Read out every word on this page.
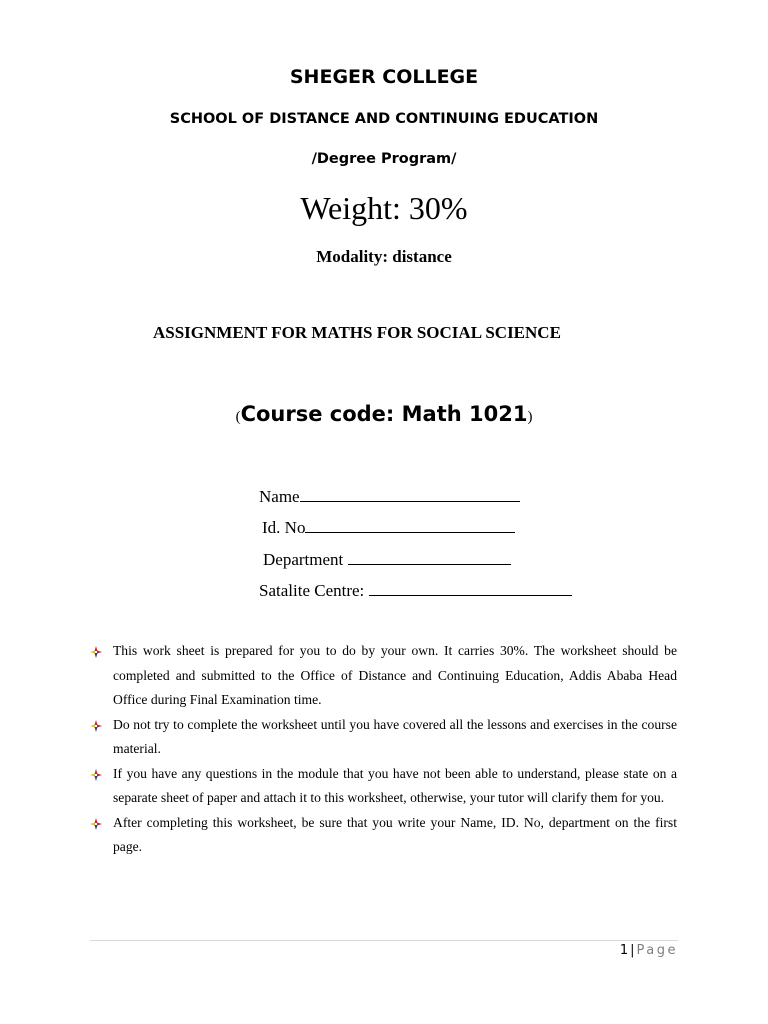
SHEGER COLLEGE
SCHOOL OF DISTANCE AND CONTINUING EDUCATION
/Degree Program/
Weight: 30%
Modality: distance
ASSIGNMENT FOR MATHS FOR SOCIAL SCIENCE
(Course code: Math 1021)
Name
Id. No
Department
Satalite Centre:
This work sheet is prepared for you to do by your own. It carries 30%. The worksheet should be completed and submitted to the Office of Distance and Continuing Education, Addis Ababa Head Office during Final Examination time.
Do not try to complete the worksheet until you have covered all the lessons and exercises in the course material.
If you have any questions in the module that you have not been able to understand, please state on a separate sheet of paper and attach it to this worksheet, otherwise, your tutor will clarify them for you.
After completing this worksheet, be sure that you write your Name, ID. No, department on the first page.
1 | Page
